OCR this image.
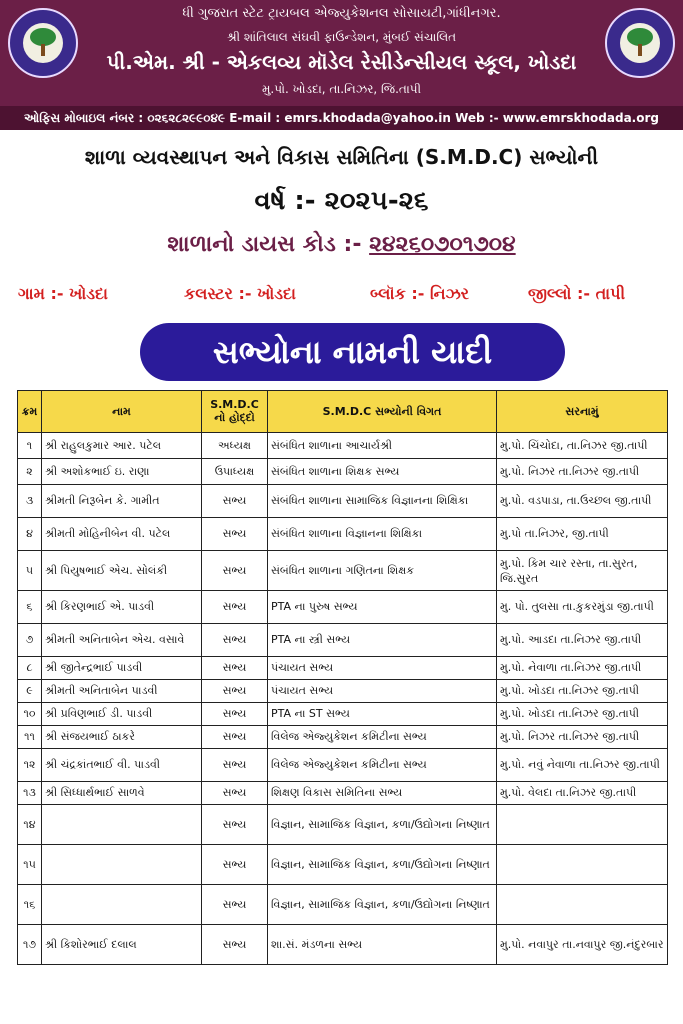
ધી ગુજરાત સ્ટેટ ટ્રાયબલ એજ્યુકેશનલ સોસાયટી,ગાંધીનગર.
શ્રી શાંતિલાલ સંઘવી ફાઉન્ડેશન, મુંબઈ સંચાલિત
પી.એમ. શ્રી - એકલવ્ય મૉડેલ રેસીડેન્સીયલ સ્કૂલ, ખોડદા
મુ.પો. ખોડદા, તા.નિઝર, જિ.તાપી
ઓફિસ મોબાઇલ નંબર : ૦૨૬૨૮૨૯૯૦૪૯ E-mail : emrs.khodada@yahoo.in Web :- www.emrskhodada.org
શાળા વ્યવસ્થાપન અને વિકાસ સમિતિના (S.M.D.C) સભ્યોની
વર્ષ :- ૨૦૨૫-૨૬
શાળાનો ડાયસ કોડ :- ૨૪૨૬૦૭૦૧૭૦૪
ગામ :- ખોડદા	કલસ્ટર :- ખોડદા	બ્લૉક :- નિઝર	જીલ્લો :- તાપી
સભ્યોના નામની યાદી
ક્રમ	નામ	S.M.D.C નો હોદ્દો	S.M.D.C સભ્યોની વિગત	સરનામું
૧	શ્રી રાહુલકુમાર આર. પટેલ	અધ્યક્ષ	સંબંધિત શાળાના આચાર્યશ્રી	મુ.પો. ચિંચોદા, તા.નિઝર જી.તાપી
૨	શ્રી અશોકભાઈ ઇ. રાણા	ઉપાધ્યક્ષ	સંબંધિત શાળાના શિક્ષક સભ્ય	મુ.પો. નિઝર તા.નિઝર જી.તાપી
૩	શ્રીમતી નિરૂબેન કે. ગામીત	સભ્ય	સંબંધિત શાળાના સામાજિક વિજ્ઞાનના શિક્ષિકા	મુ.પો. વડપાડા, તા.ઉચ્છલ જી.તાપી
૪	શ્રીમતી મોહિનીબેન વી. પટેલ	સભ્ય	સંબંધિત શાળાના વિજ્ઞાનના શિક્ષિકા	મુ.પો તા.નિઝર, જી.તાપી
૫	શ્રી પિયુષભાઈ એચ. સોલંકી	સભ્ય	સંબંધિત શાળાના ગણિતના શિક્ષક	મુ.પો. કિમ ચાર રસ્તા, તા.સુરત, જિ.સુરત
૬	શ્રી કિરણભાઈ એ. પાડવી	સભ્ય	PTA ના પુરુષ સભ્ય	મુ. પો. તુલસા તા.કુકરમુંડા જી.તાપી
૭	શ્રીમતી અનિતાબેન એચ. વસાવે	સભ્ય	PTA ના સ્ત્રી સભ્ય	મુ.પો. આડદા તા.નિઝર જી.તાપી
૮	શ્રી જીતેન્દ્રભાઈ પાડવી	સભ્ય	પંચાયત સભ્ય	મુ.પો. નેવાળા તા.નિઝર જી.તાપી
૯	શ્રીમતી અનિતાબેન પાડવી	સભ્ય	પંચાયત સભ્ય	મુ.પો. ખોડદા તા.નિઝર જી.તાપી
૧૦	શ્રી પ્રવિણભાઈ ડી. પાડવી	સભ્ય	PTA ના ST સભ્ય	મુ.પો. ખોડદા તા.નિઝર જી.તાપી
૧૧	શ્રી સંજયભાઈ ઠાકરે	સભ્ય	વિલેજ એજ્યુકેશન કમિટીના સભ્ય	મુ.પો. નિઝર તા.નિઝર જી.તાપી
૧૨	શ્રી ચંદ્રકાંતભાઈ વી. પાડવી	સભ્ય	વિલેજ એજ્યુકેશન કમિટીના સભ્ય	મુ.પો. નવું નેવાળા તા.નિઝર જી.તાપી
૧૩	શ્રી સિધ્ધાર્થભાઈ સાળવે	સભ્ય	શિક્ષણ વિકાસ સમિતિના સભ્ય	મુ.પો. વેલદા તા.નિઝર જી.તાપી
૧૪		સભ્ય	વિજ્ઞાન, સામાજિક વિજ્ઞાન, કળા/ઉદ્યોગના નિષ્ણાત	
૧૫		સભ્ય	વિજ્ઞાન, સામાજિક વિજ્ઞાન, કળા/ઉદ્યોગના નિષ્ણાત	
૧૬		સભ્ય	વિજ્ઞાન, સામાજિક વિજ્ઞાન, કળા/ઉદ્યોગના નિષ્ણાત	
૧૭	શ્રી કિશોરભાઈ દલાલ	સભ્ય	શા.સં. મંડળના સભ્ય	મુ.પો. નવાપુર તા.નવાપુર જી.નંદુરબાર
